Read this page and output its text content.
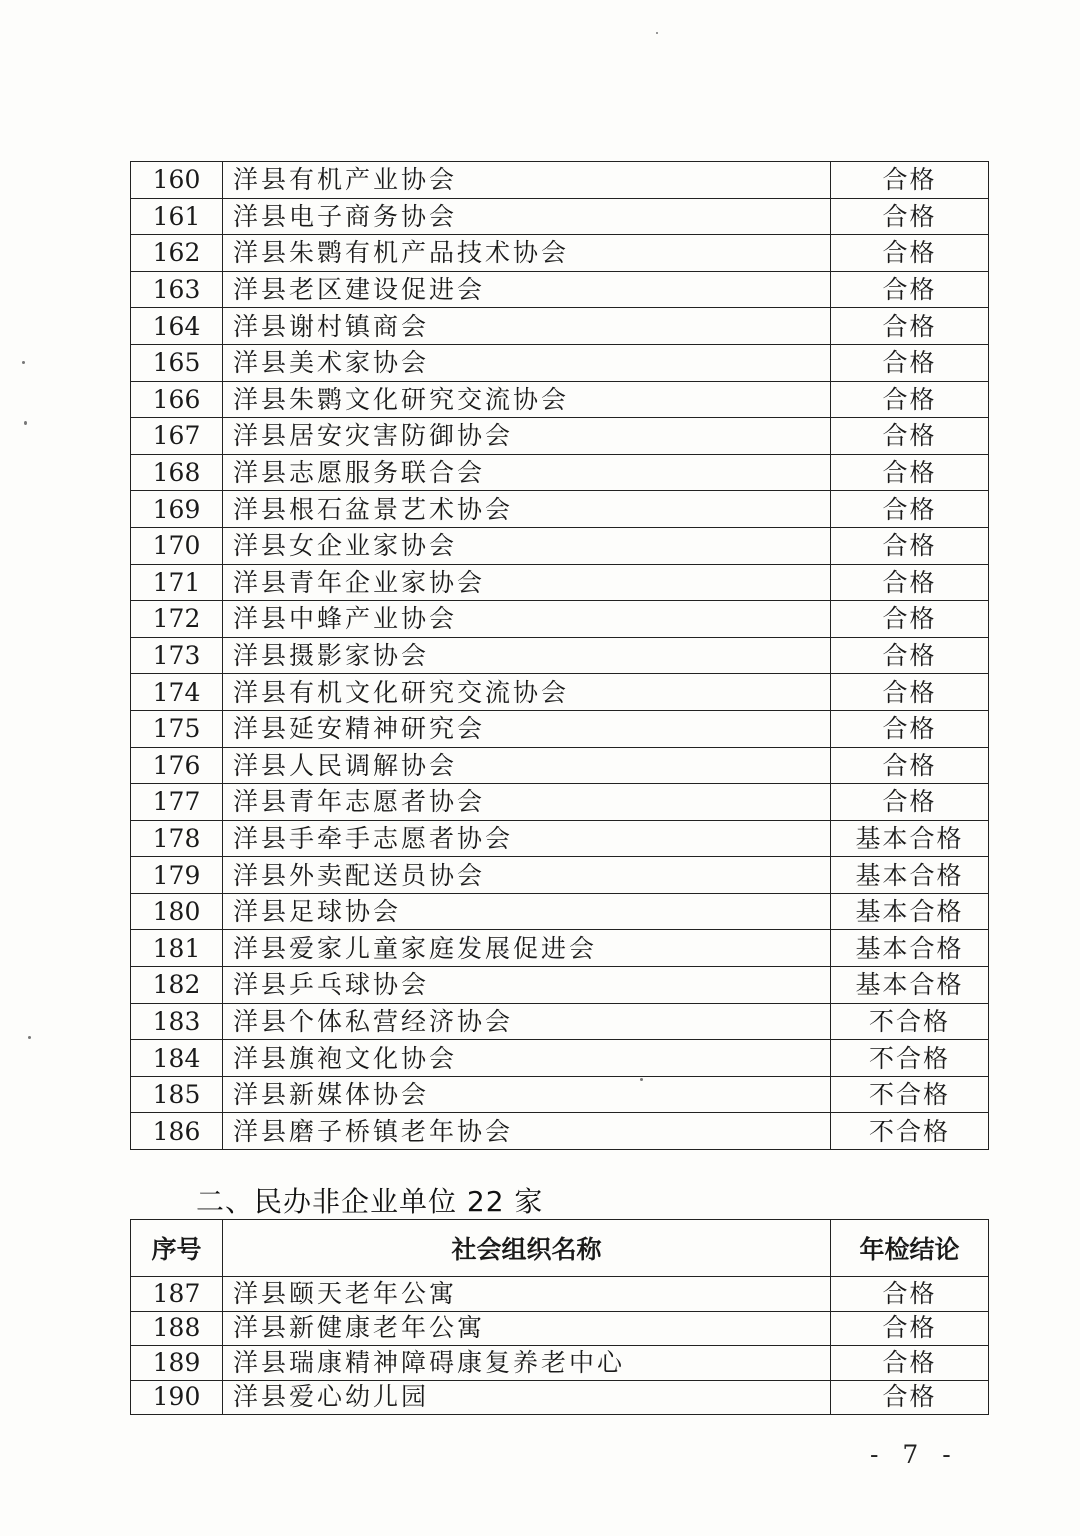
160	洋县有机产业协会	合格
161	洋县电子商务协会	合格
162	洋县朱鹮有机产品技术协会	合格
163	洋县老区建设促进会	合格
164	洋县谢村镇商会	合格
165	洋县美术家协会	合格
166	洋县朱鹮文化研究交流协会	合格
167	洋县居安灾害防御协会	合格
168	洋县志愿服务联合会	合格
169	洋县根石盆景艺术协会	合格
170	洋县女企业家协会	合格
171	洋县青年企业家协会	合格
172	洋县中蜂产业协会	合格
173	洋县摄影家协会	合格
174	洋县有机文化研究交流协会	合格
175	洋县延安精神研究会	合格
176	洋县人民调解协会	合格
177	洋县青年志愿者协会	合格
178	洋县手牵手志愿者协会	基本合格
179	洋县外卖配送员协会	基本合格
180	洋县足球协会	基本合格
181	洋县爱家儿童家庭发展促进会	基本合格
182	洋县乒乓球协会	基本合格
183	洋县个体私营经济协会	不合格
184	洋县旗袍文化协会	不合格
185	洋县新媒体协会	不合格
186	洋县磨子桥镇老年协会	不合格
二、民办非企业单位 22 家
序号	社会组织名称	年检结论
187	洋县颐天老年公寓	合格
188	洋县新健康老年公寓	合格
189	洋县瑞康精神障碍康复养老中心	合格
190	洋县爱心幼儿园	合格
- 7 -
